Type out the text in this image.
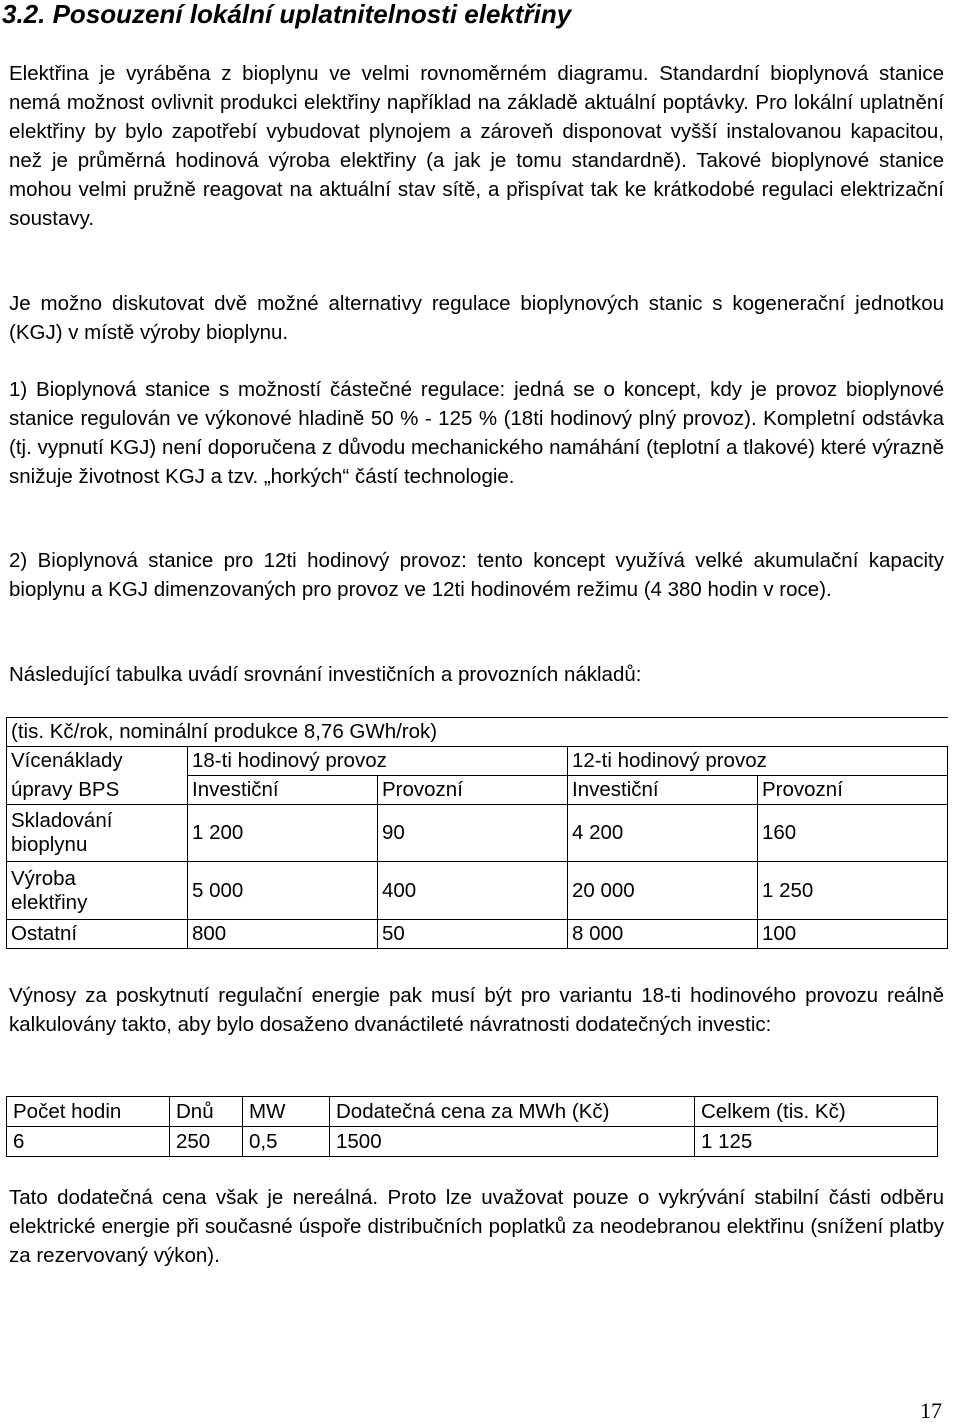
3.2. Posouzení lokální uplatnitelnosti elektřiny
Elektřina je vyráběna z bioplynu ve velmi rovnoměrném diagramu. Standardní bioplynová stanice nemá možnost ovlivnit produkci elektřiny například na základě aktuální poptávky. Pro lokální uplatnění elektřiny by bylo zapotřebí vybudovat plynojem a zároveň disponovat vyšší instalovanou kapacitou, než je průměrná hodinová výroba elektřiny (a jak je tomu standardně). Takové bioplynové stanice mohou velmi pružně reagovat na aktuální stav sítě, a přispívat tak ke krátkodobé regulaci elektrizační soustavy.
Je možno diskutovat dvě možné alternativy regulace bioplynových stanic s kogenerační jednotkou (KGJ) v místě výroby bioplynu.
1) Bioplynová stanice s možností částečné regulace: jedná se o koncept, kdy je provoz bioplynové stanice regulován ve výkonové hladině 50 % - 125 % (18ti hodinový plný provoz). Kompletní odstávka (tj. vypnutí KGJ) není doporučena z důvodu mechanického namáhání (teplotní a tlakové) které výrazně snižuje životnost KGJ a tzv. „horkých“ částí technologie.
2) Bioplynová stanice pro 12ti hodinový provoz: tento koncept využívá velké akumulační kapacity bioplynu a KGJ dimenzovaných pro provoz ve 12ti hodinovém režimu (4 380 hodin v roce).
Následující tabulka uvádí srovnání investičních a provozních nákladů:
(tis. Kč/rok, nominální produkce 8,76 GWh/rok)				
Vícenáklady	18-ti hodinový provoz		12-ti hodinový provoz	
úpravy BPS	Investiční	Provozní	Investiční	Provozní
Skladování
bioplynu	1 200	90	4 200	160
Výroba
elektřiny	5 000	400	20 000	1 250
Ostatní	800	50	8 000	100
Výnosy za poskytnutí regulační energie pak musí být pro variantu 18-ti hodinového provozu reálně kalkulovány takto, aby bylo dosaženo dvanáctileté návratnosti dodatečných investic:
Počet hodin	Dnů	MW	Dodatečná cena za MWh (Kč)	Celkem (tis. Kč)
6	250	0,5	1500	1 125
Tato dodatečná cena však je nereálná. Proto lze uvažovat pouze o vykrývání stabilní části odběru elektrické energie při současné úspoře distribučních poplatků za neodebranou elektřinu (snížení platby za rezervovaný výkon).
17
